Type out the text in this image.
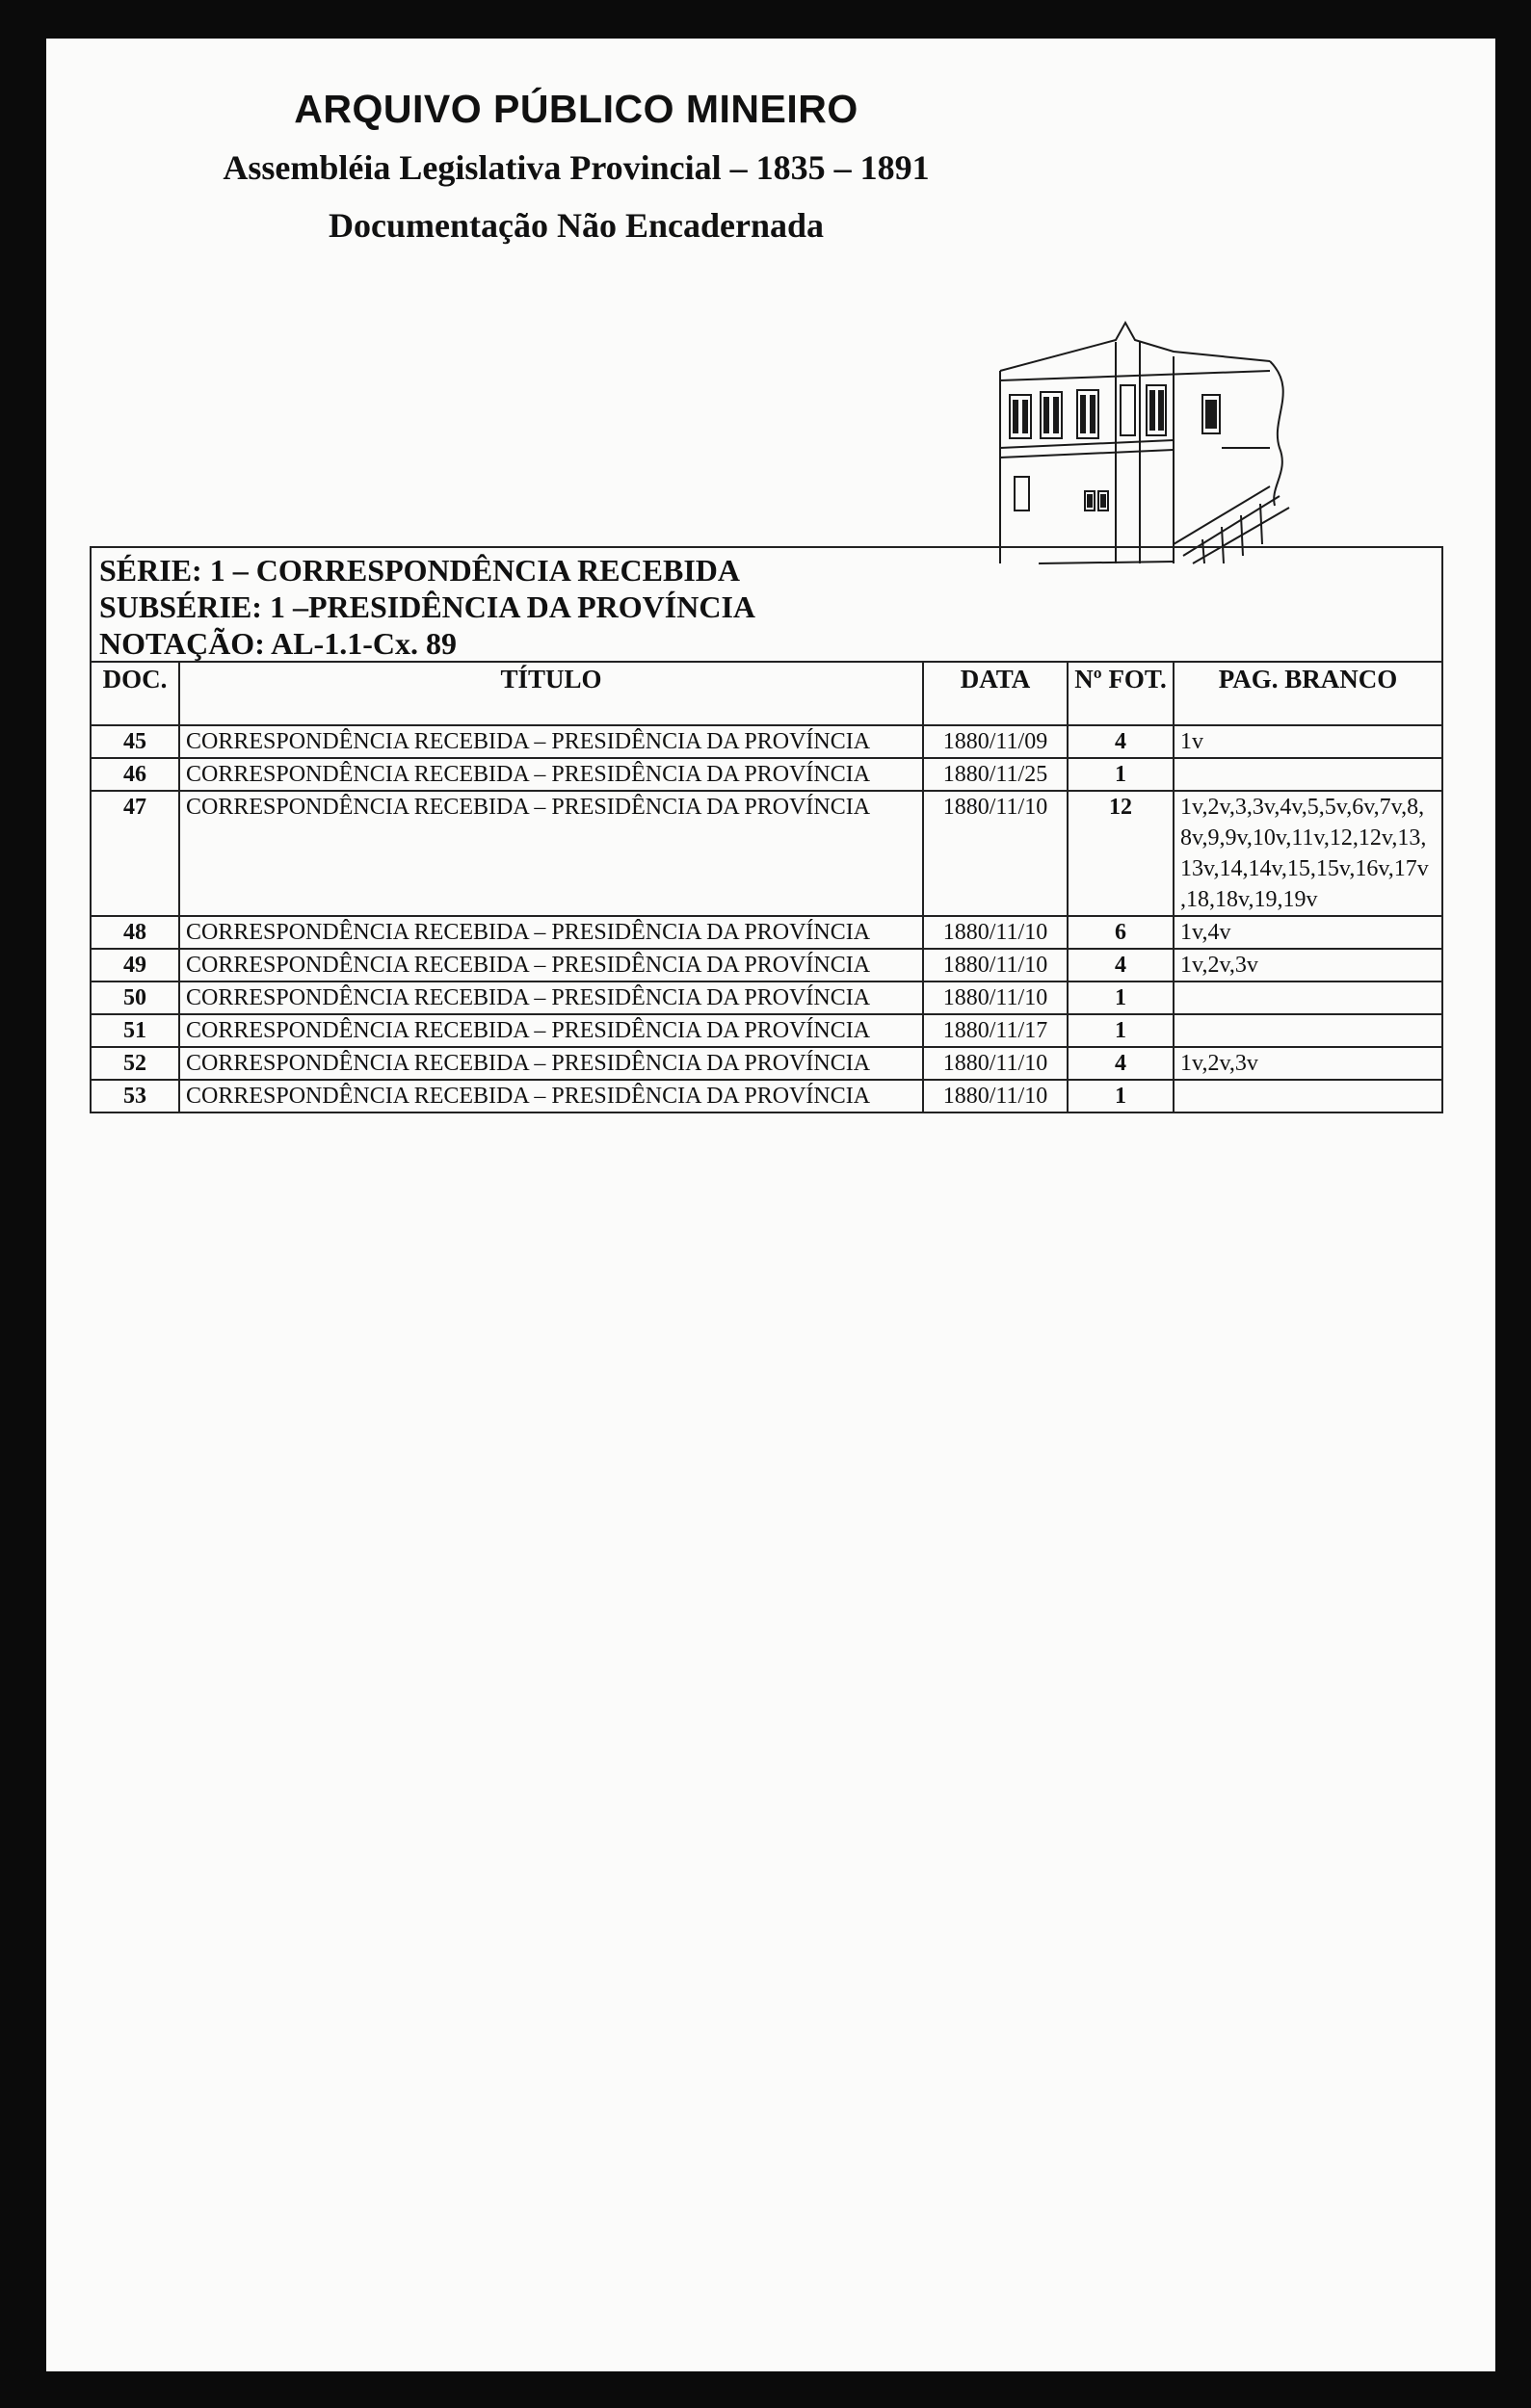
ARQUIVO PÚBLICO MINEIRO
Assembléia Legislativa Provincial – 1835 – 1891
Documentação Não Encadernada
SÉRIE: 1 – CORRESPONDÊNCIA RECEBIDA
SUBSÉRIE: 1 –PRESIDÊNCIA DA PROVÍNCIA
NOTAÇÃO: AL-1.1-Cx. 89
DOC.	TÍTULO	DATA	Nº FOT.	PAG. BRANCO
45	CORRESPONDÊNCIA RECEBIDA – PRESIDÊNCIA DA PROVÍNCIA	1880/11/09	4	1v
46	CORRESPONDÊNCIA RECEBIDA – PRESIDÊNCIA DA PROVÍNCIA	1880/11/25	1	
47	CORRESPONDÊNCIA RECEBIDA – PRESIDÊNCIA DA PROVÍNCIA	1880/11/10	12	1v,2v,3,3v,4v,5,5v,6v,7v,8,
8v,9,9v,10v,11v,12,12v,13,
13v,14,14v,15,15v,16v,17v
,18,18v,19,19v
48	CORRESPONDÊNCIA RECEBIDA – PRESIDÊNCIA DA PROVÍNCIA	1880/11/10	6	1v,4v
49	CORRESPONDÊNCIA RECEBIDA – PRESIDÊNCIA DA PROVÍNCIA	1880/11/10	4	1v,2v,3v
50	CORRESPONDÊNCIA RECEBIDA – PRESIDÊNCIA DA PROVÍNCIA	1880/11/10	1	
51	CORRESPONDÊNCIA RECEBIDA – PRESIDÊNCIA DA PROVÍNCIA	1880/11/17	1	
52	CORRESPONDÊNCIA RECEBIDA – PRESIDÊNCIA DA PROVÍNCIA	1880/11/10	4	1v,2v,3v
53	CORRESPONDÊNCIA RECEBIDA – PRESIDÊNCIA DA PROVÍNCIA	1880/11/10	1	
